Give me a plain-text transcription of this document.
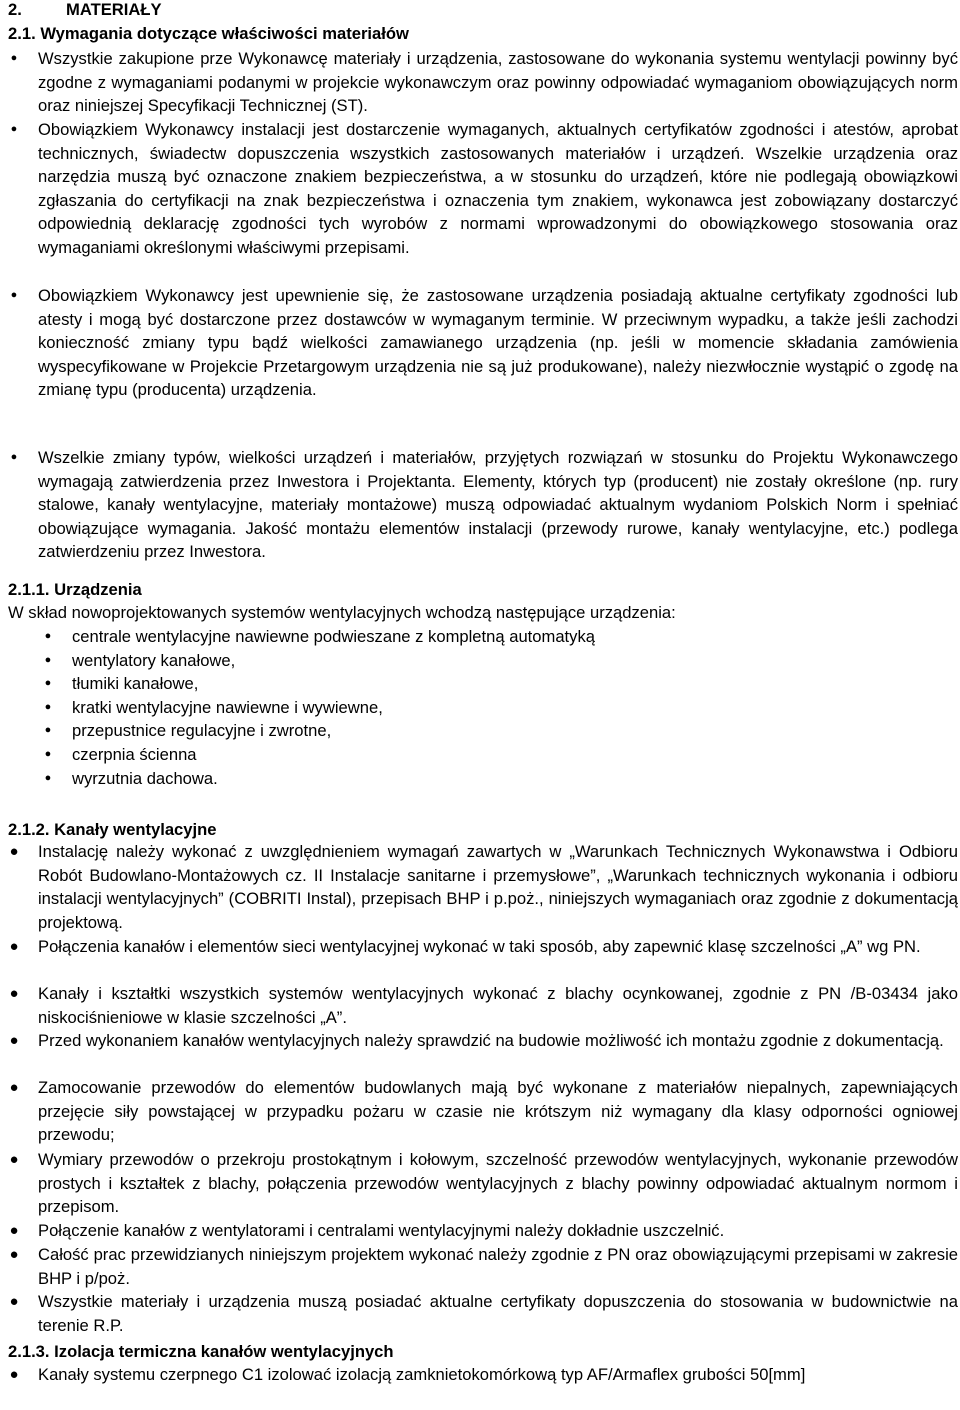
2.	MATERIAŁY
2.1. Wymagania dotyczące właściwości materiałów
● Wszystkie zakupione prze Wykonawcę materiały i urządzenia, zastosowane do wykonania systemu wentylacji powinny być zgodne z wymaganiami podanymi w projekcie wykonawczym oraz powinny odpowiadać wymaganiom obowiązujących norm oraz niniejszej Specyfikacji Technicznej (ST).
● Obowiązkiem Wykonawcy instalacji jest dostarczenie wymaganych, aktualnych certyfikatów zgodności i atestów, aprobat technicznych, świadectw dopuszczenia wszystkich zastosowanych materiałów i urządzeń. Wszelkie urządzenia oraz narzędzia muszą być oznaczone znakiem bezpieczeństwa, a w stosunku do urządzeń, które nie podlegają obowiązkowi zgłaszania do certyfikacji na znak bezpieczeństwa i oznaczenia tym znakiem, wykonawca jest zobowiązany dostarczyć odpowiednią deklarację zgodności tych wyrobów z normami wprowadzonymi do obowiązkowego stosowania oraz wymaganiami określonymi właściwymi przepisami.
● Obowiązkiem Wykonawcy jest upewnienie się, że zastosowane urządzenia posiadają aktualne certyfikaty zgodności lub atesty i mogą być dostarczone przez dostawców w wymaganym terminie. W przeciwnym wypadku, a także jeśli zachodzi konieczność zmiany typu bądź wielkości zamawianego urządzenia (np. jeśli w momencie składania zamówienia wyspecyfikowane w Projekcie Przetargowym urządzenia nie są już produkowane), należy niezwłocznie wystąpić o zgodę na zmianę typu (producenta) urządzenia.
● Wszelkie zmiany typów, wielkości urządzeń i materiałów, przyjętych rozwiązań w stosunku do Projektu Wykonawczego wymagają zatwierdzenia przez Inwestora i Projektanta. Elementy, których typ (producent) nie zostały określone (np. rury stalowe, kanały wentylacyjne, materiały montażowe) muszą odpowiadać aktualnym wydaniom Polskich Norm i spełniać obowiązujące wymagania. Jakość montażu elementów instalacji (przewody rurowe, kanały wentylacyjne, etc.) podlega zatwierdzeniu przez Inwestora.
2.1.1. Urządzenia

W skład nowoprojektowanych systemów wentylacyjnych wchodzą następujące urządzenia:

● centrale wentylacyjne nawiewne podwieszane z kompletną automatyką
● wentylatory kanałowe,
● tłumiki kanałowe,
● kratki wentylacyjne nawiewne i wywiewne,
● przepustnice regulacyjne i zwrotne,
● czerpnia ścienna
● wyrzutnia dachowa.
2.1.2. Kanały wentylacyjne
● Instalację należy wykonać z uwzględnieniem wymagań zawartych w „Warunkach Technicznych Wykonawstwa i Odbioru Robót Budowlano-Montażowych cz. II Instalacje sanitarne i przemysłowe”, „Warunkach technicznych wykonania i odbioru instalacji wentylacyjnych” (COBRITI Instal), przepisach BHP i p.poż., niniejszych wymaganiach oraz zgodnie z dokumentacją projektową.
● Połączenia kanałów i elementów sieci wentylacyjnej wykonać w taki sposób, aby zapewnić klasę szczelności „A” wg PN.
● Kanały i kształtki wszystkich systemów wentylacyjnych wykonać z blachy ocynkowanej, zgodnie z PN /B-03434 jako niskociśnieniowe w klasie szczelności „A”.
● Przed wykonaniem kanałów wentylacyjnych należy sprawdzić na budowie możliwość ich montażu zgodnie z dokumentacją.
● Zamocowanie przewodów do elementów budowlanych mają być wykonane z materiałów niepalnych, zapewniających przejęcie siły powstającej w przypadku pożaru w czasie nie krótszym niż wymagany dla klasy odporności ogniowej przewodu;
● Wymiary przewodów o przekroju prostokątnym i kołowym, szczelność przewodów wentylacyjnych, wykonanie przewodów prostych i kształtek z blachy, połączenia przewodów wentylacyjnych z blachy powinny odpowiadać aktualnym normom i przepisom.
● Połączenie kanałów z wentylatorami i centralami wentylacyjnymi należy dokładnie uszczelnić.
● Całość prac przewidzianych niniejszym projektem wykonać należy zgodnie z PN oraz obowiązującymi przepisami w zakresie BHP i p/poż.
● Wszystkie materiały i urządzenia muszą posiadać aktualne certyfikaty dopuszczenia do stosowania w budownictwie na terenie R.P.
2.1.3. Izolacja termiczna kanałów wentylacyjnych
● Kanały systemu czerpnego C1 izolować izolacją zamknietokomórkową typ AF/Armaflex grubości 50[mm]
